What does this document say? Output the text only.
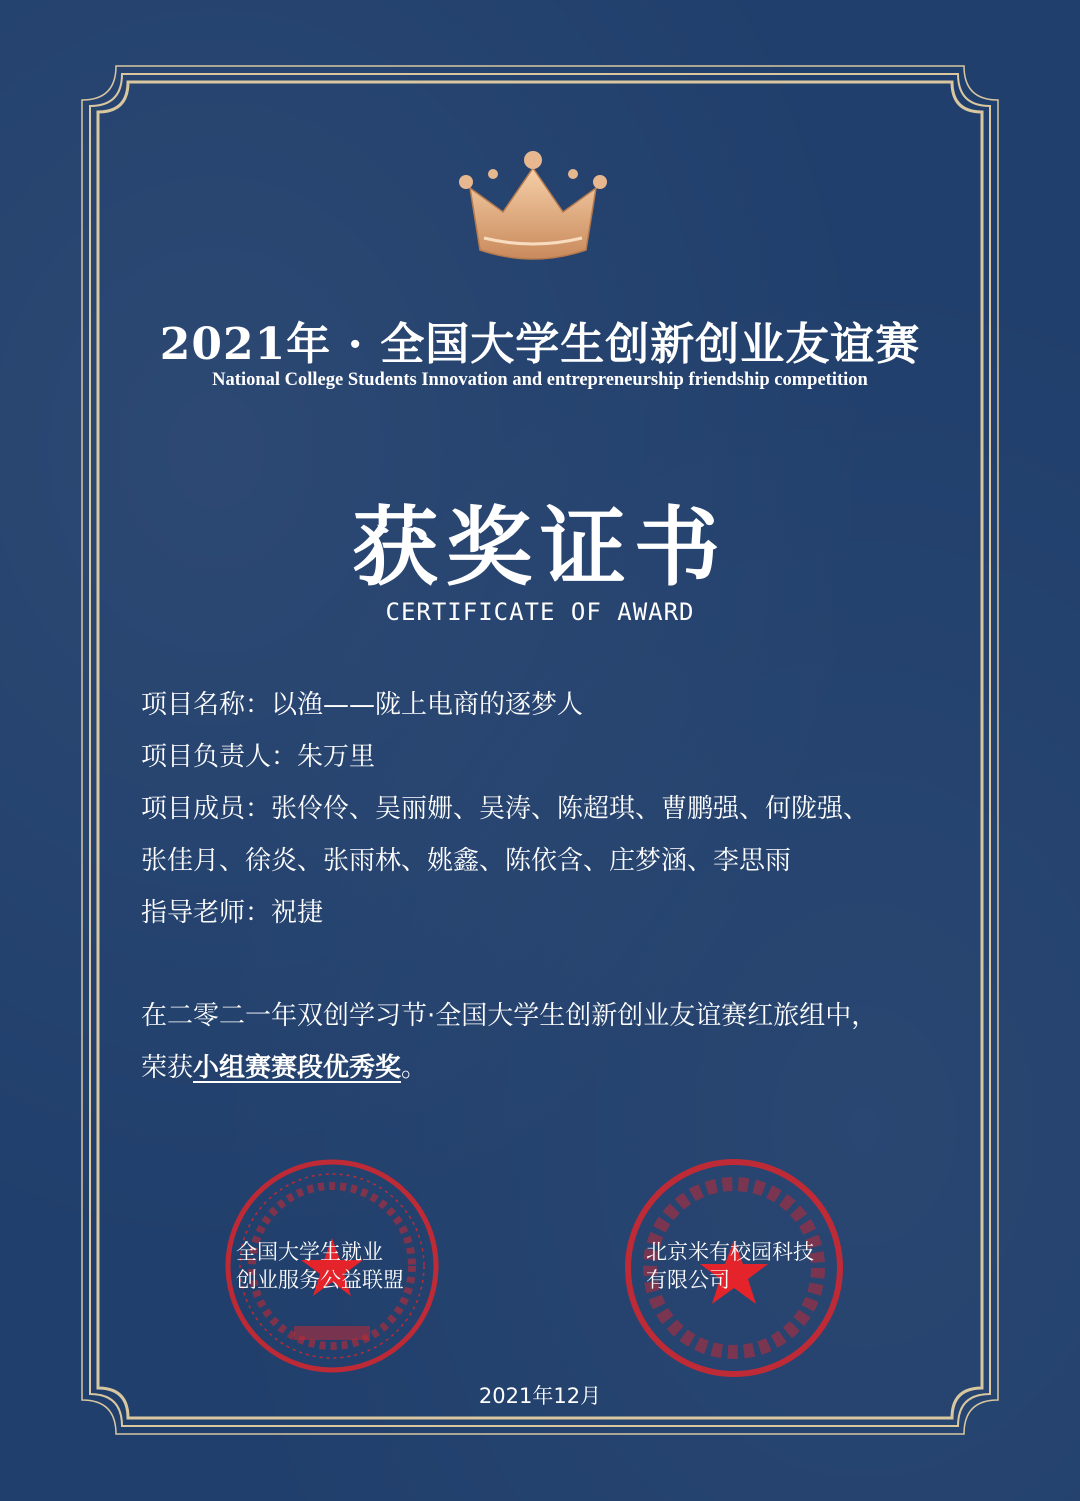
2021年 · 全国大学生创新创业友谊赛
National College Students Innovation and entrepreneurship friendship competition
获奖证书
CERTIFICATE OF AWARD
项目名称：以渔——陇上电商的逐梦人
项目负责人：朱万里
项目成员：张伶伶、吴丽姗、吴涛、陈超琪、曹鹏强、何陇强、
张佳月、徐炎、张雨林、姚鑫、陈依含、庄梦涵、李思雨
指导老师：祝捷
在二零二一年双创学习节·全国大学生创新创业友谊赛红旅组中，
荣获小组赛赛段优秀奖。
全国大学生就业
创业服务公益联盟
北京米有校园科技
有限公司
2021年12月
